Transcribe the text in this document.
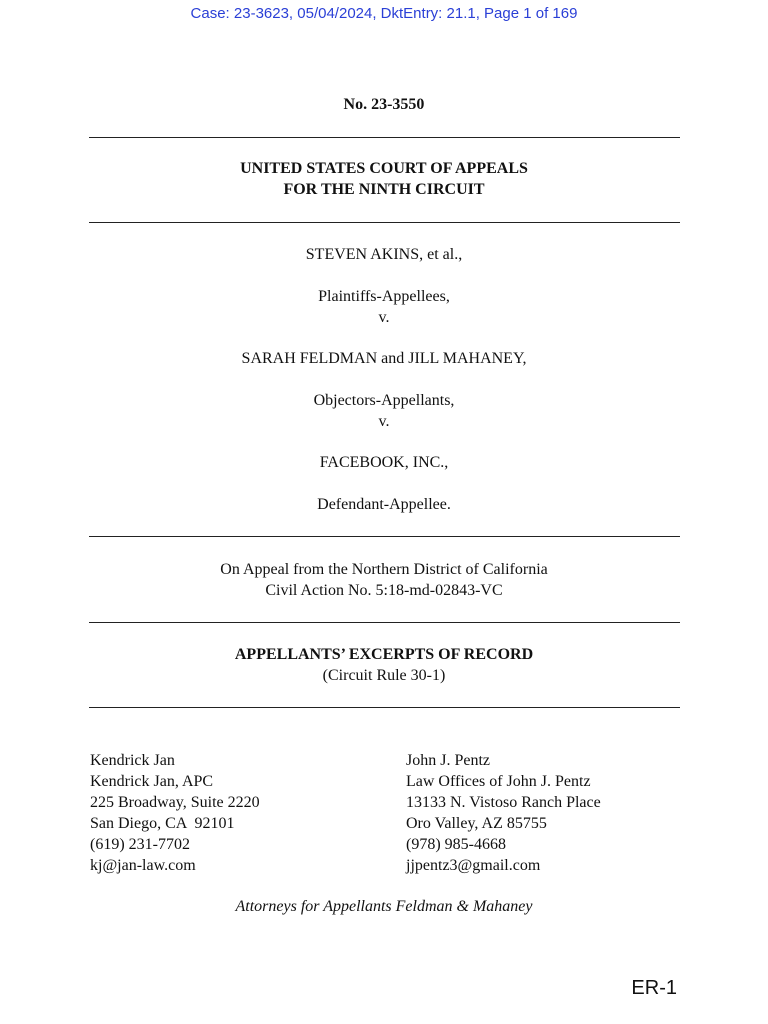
Case: 23-3623, 05/04/2024, DktEntry: 21.1, Page 1 of 169
No. 23-3550
UNITED STATES COURT OF APPEALS
FOR THE NINTH CIRCUIT
STEVEN AKINS, et al.,
Plaintiffs-Appellees,
v.
SARAH FELDMAN and JILL MAHANEY,
Objectors-Appellants,
v.
FACEBOOK, INC.,
Defendant-Appellee.
On Appeal from the Northern District of California
Civil Action No. 5:18-md-02843-VC
APPELLANTS’ EXCERPTS OF RECORD
(Circuit Rule 30-1)
Kendrick Jan
Kendrick Jan, APC
225 Broadway, Suite 2220
San Diego, CA  92101
(619) 231-7702
kj@jan-law.com
John J. Pentz
Law Offices of John J. Pentz
13133 N. Vistoso Ranch Place
Oro Valley, AZ 85755
(978) 985-4668
jjpentz3@gmail.com
Attorneys for Appellants Feldman & Mahaney
ER-1
